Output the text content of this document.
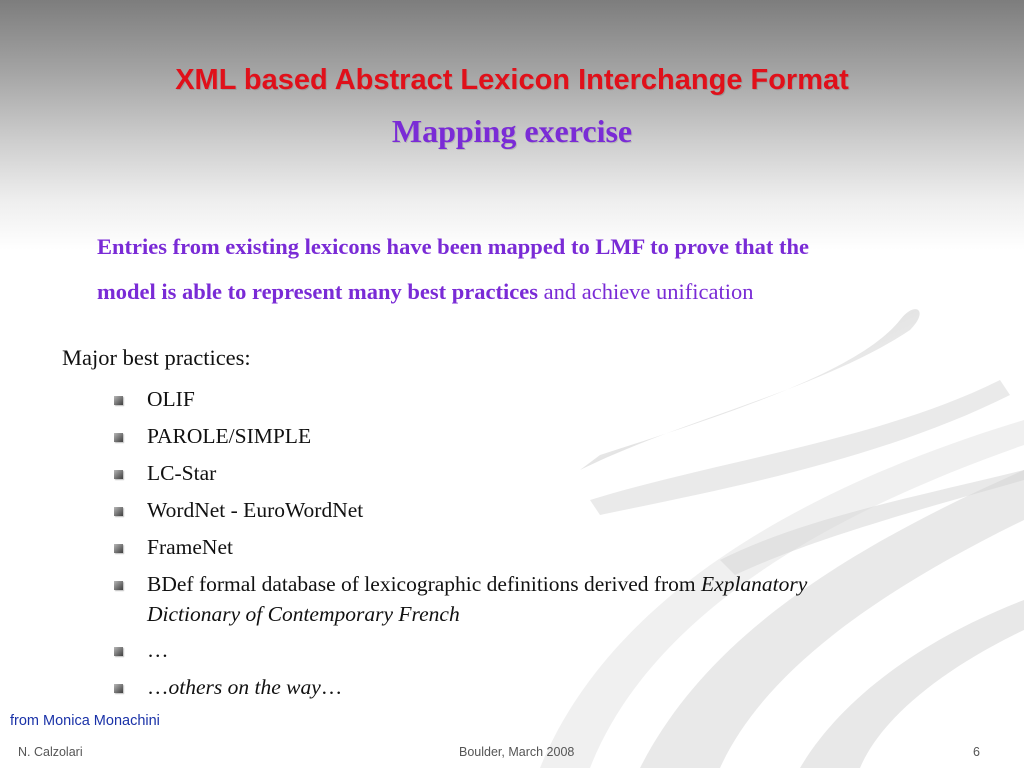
XML based Abstract Lexicon Interchange Format
Mapping exercise

Entries from existing lexicons have been mapped to LMF to prove that the
model is able to represent many best practices and achieve unification

Major best practices:

OLIF
PAROLE/SIMPLE
LC-Star
WordNet - EuroWordNet
FrameNet
BDef formal database of lexicographic definitions derived from Explanatory
Dictionary of Contemporary French
…
…others on the way…
from Monica Monachini
N. Calzolari	Boulder, March 2008	6
